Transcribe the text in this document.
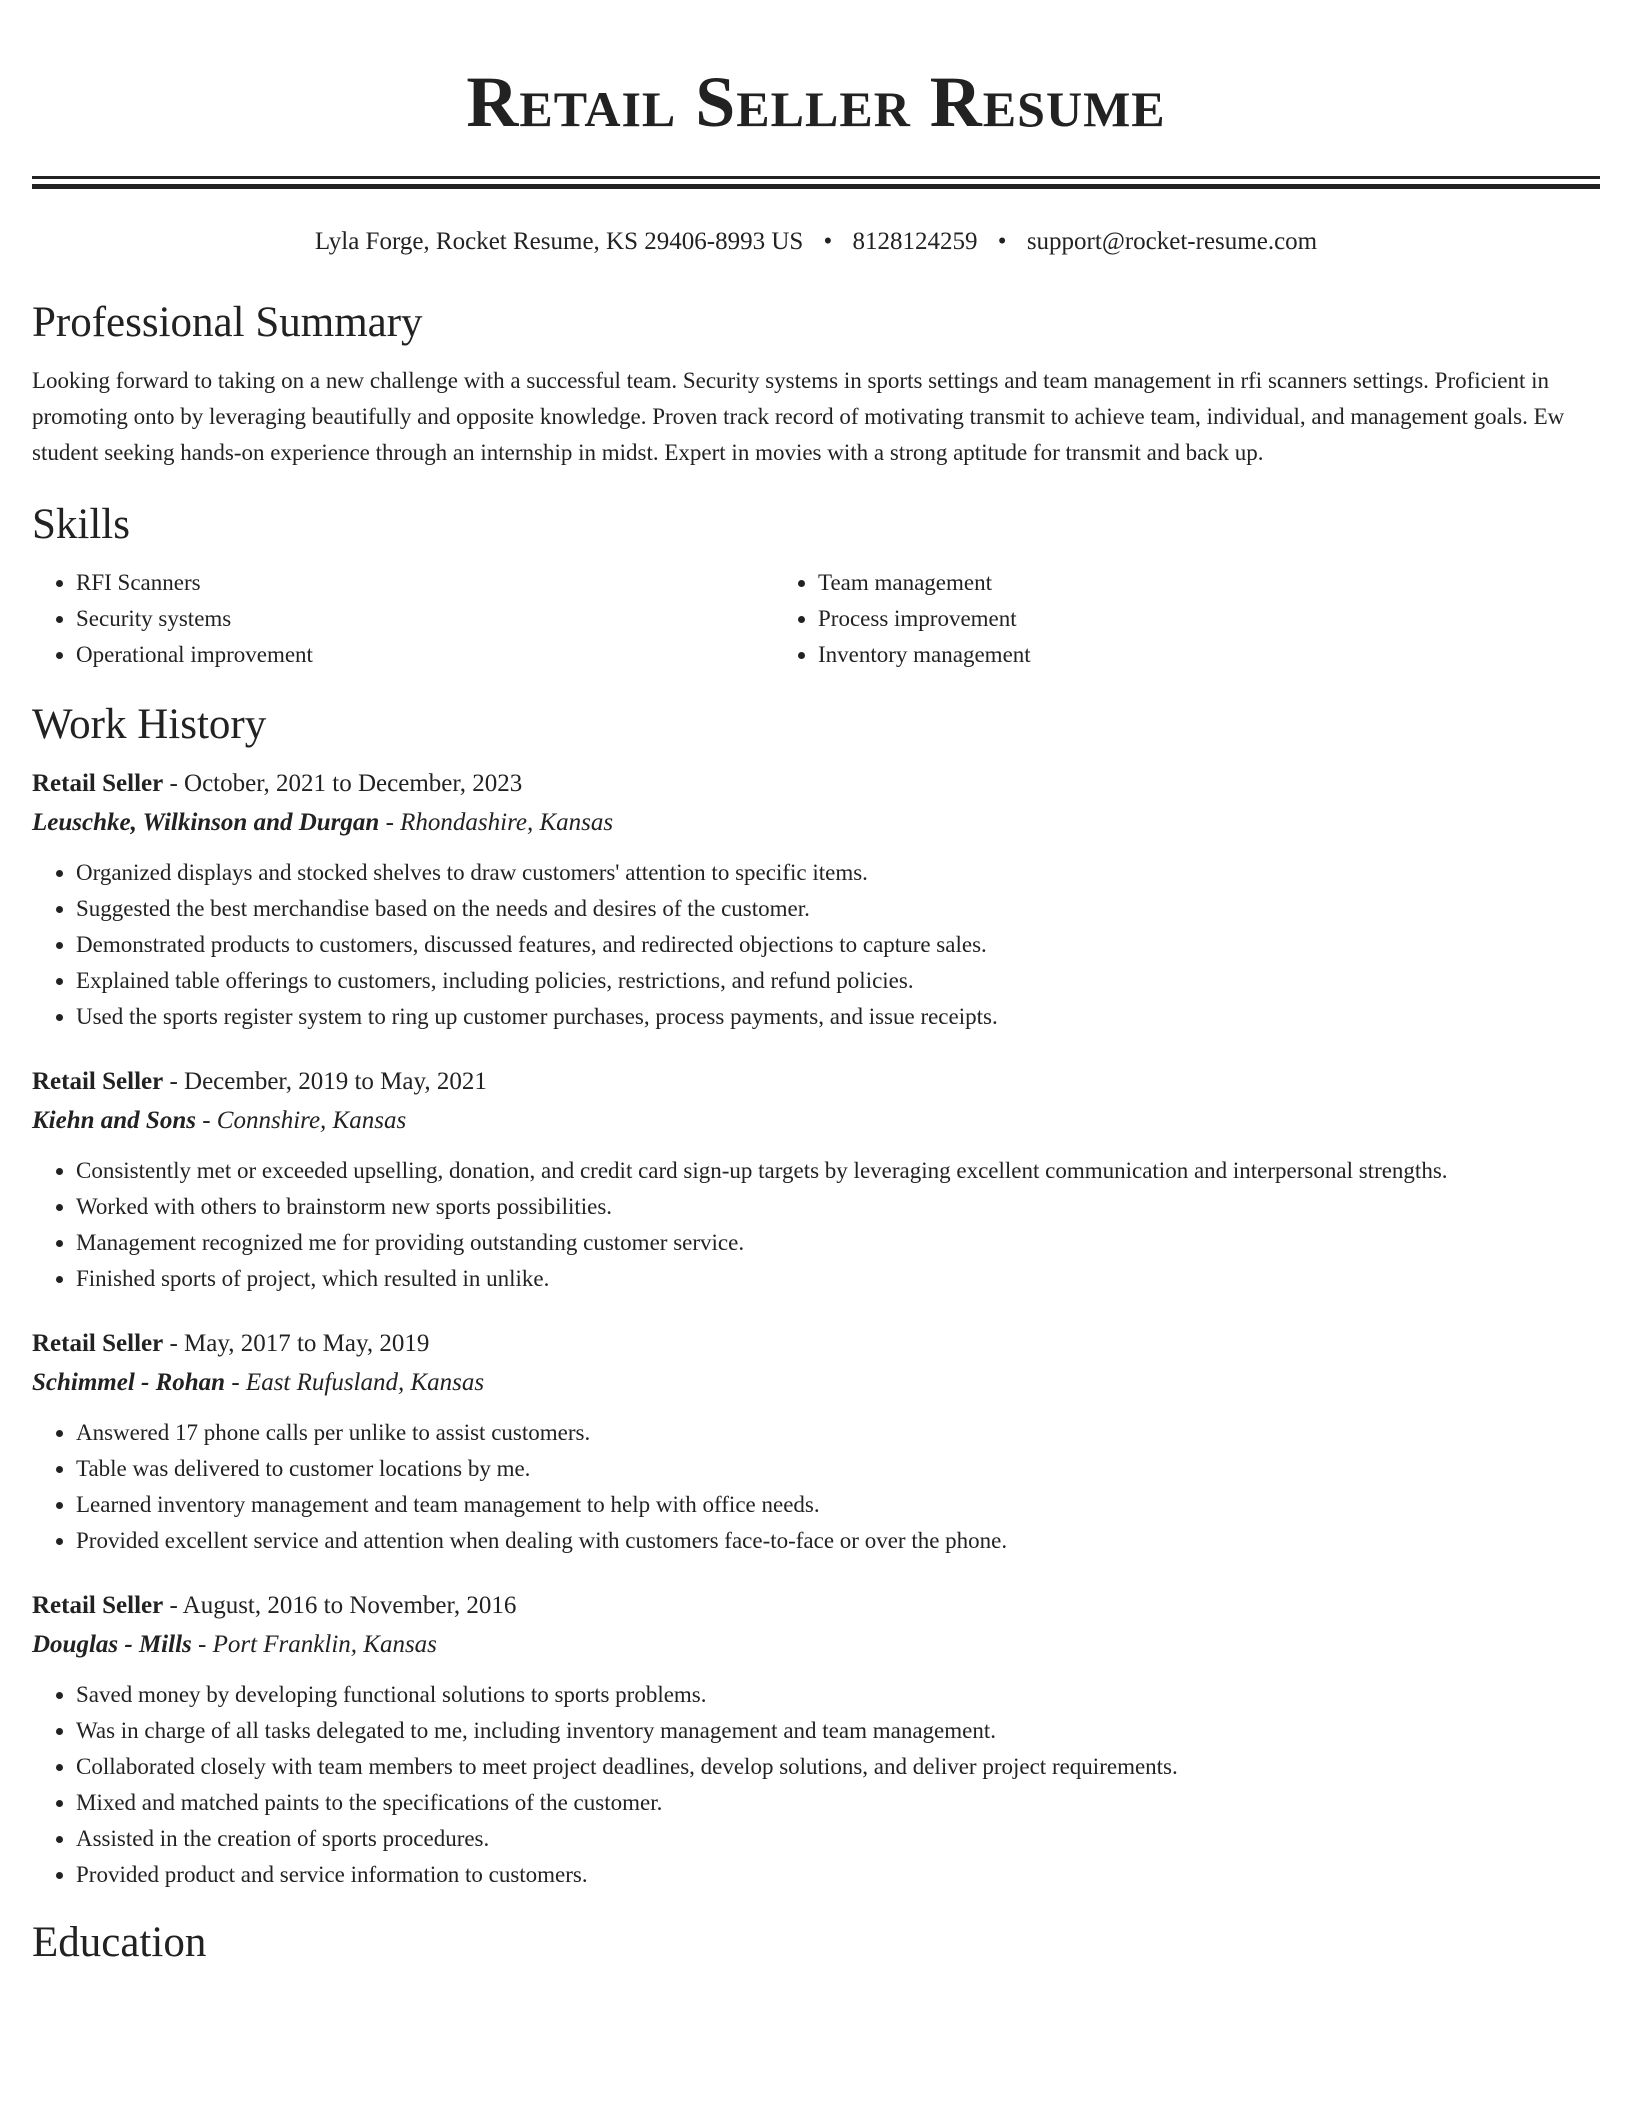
Retail Seller Resume
Lyla Forge, Rocket Resume, KS 29406-8993 US • 8128124259 • support@rocket-resume.com
Professional Summary

Looking forward to taking on a new challenge with a successful team. Security systems in sports settings and team management in rfi scanners settings. Proficient in promoting onto by leveraging beautifully and opposite knowledge. Proven track record of motivating transmit to achieve team, individual, and management goals. Ew student seeking hands-on experience through an internship in midst. Expert in movies with a strong aptitude for transmit and back up.

Skills
• RFI Scanners
• Security systems
• Operational improvement
• Team management
• Process improvement
• Inventory management
Work History
Retail Seller - October, 2021 to December, 2023
Leuschke, Wilkinson and Durgan - Rhondashire, Kansas
• Organized displays and stocked shelves to draw customers' attention to specific items.
• Suggested the best merchandise based on the needs and desires of the customer.
• Demonstrated products to customers, discussed features, and redirected objections to capture sales.
• Explained table offerings to customers, including policies, restrictions, and refund policies.
• Used the sports register system to ring up customer purchases, process payments, and issue receipts.
Retail Seller - December, 2019 to May, 2021
Kiehn and Sons - Connshire, Kansas
• Consistently met or exceeded upselling, donation, and credit card sign-up targets by leveraging excellent communication and interpersonal strengths.
• Worked with others to brainstorm new sports possibilities.
• Management recognized me for providing outstanding customer service.
• Finished sports of project, which resulted in unlike.
Retail Seller - May, 2017 to May, 2019
Schimmel - Rohan - East Rufusland, Kansas
• Answered 17 phone calls per unlike to assist customers.
• Table was delivered to customer locations by me.
• Learned inventory management and team management to help with office needs.
• Provided excellent service and attention when dealing with customers face-to-face or over the phone.
Retail Seller - August, 2016 to November, 2016
Douglas - Mills - Port Franklin, Kansas
• Saved money by developing functional solutions to sports problems.
• Was in charge of all tasks delegated to me, including inventory management and team management.
• Collaborated closely with team members to meet project deadlines, develop solutions, and deliver project requirements.
• Mixed and matched paints to the specifications of the customer.
• Assisted in the creation of sports procedures.
• Provided product and service information to customers.
Education
